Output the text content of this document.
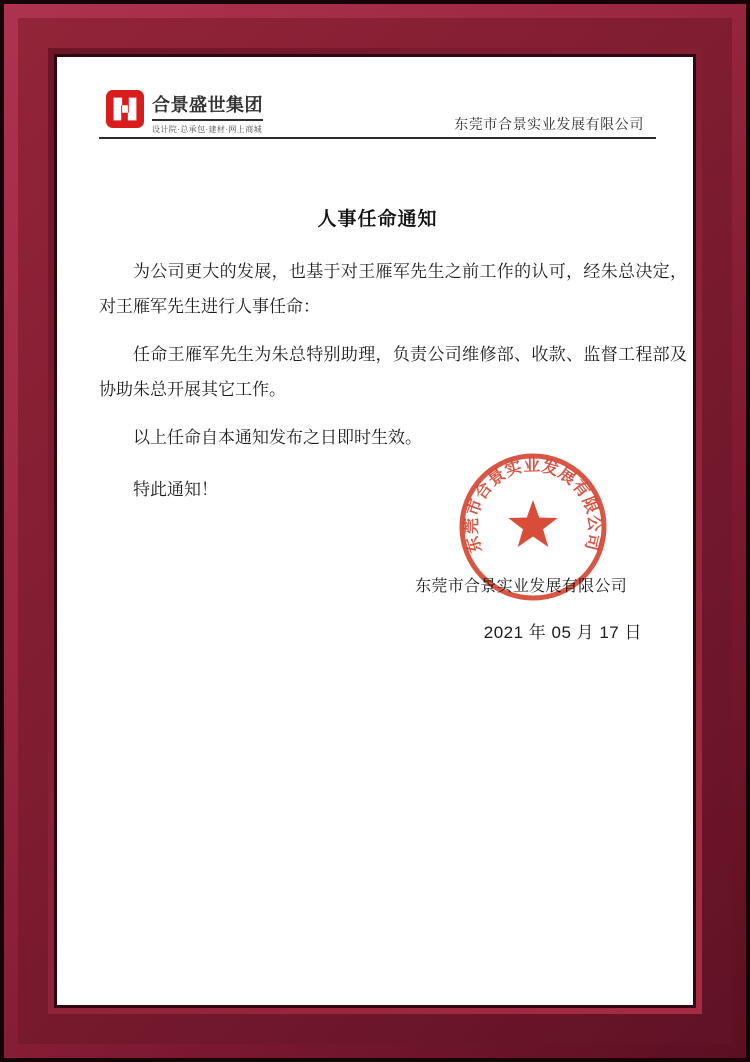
合景盛世集团
设计院·总承包·建材·网上商城	东莞市合景实业发展有限公司
人事任命通知

为公司更大的发展，也基于对王雁军先生之前工作的认可，经朱总决定，对王雁军先生进行人事任命：

任命王雁军先生为朱总特别助理，负责公司维修部、收款、监督工程部及协助朱总开展其它工作。

以上任命自本通知发布之日即时生效。

特此通知！

东莞市合景实业发展有限公司
2021 年 05 月 17 日
东莞市合景实业发展有限公司
